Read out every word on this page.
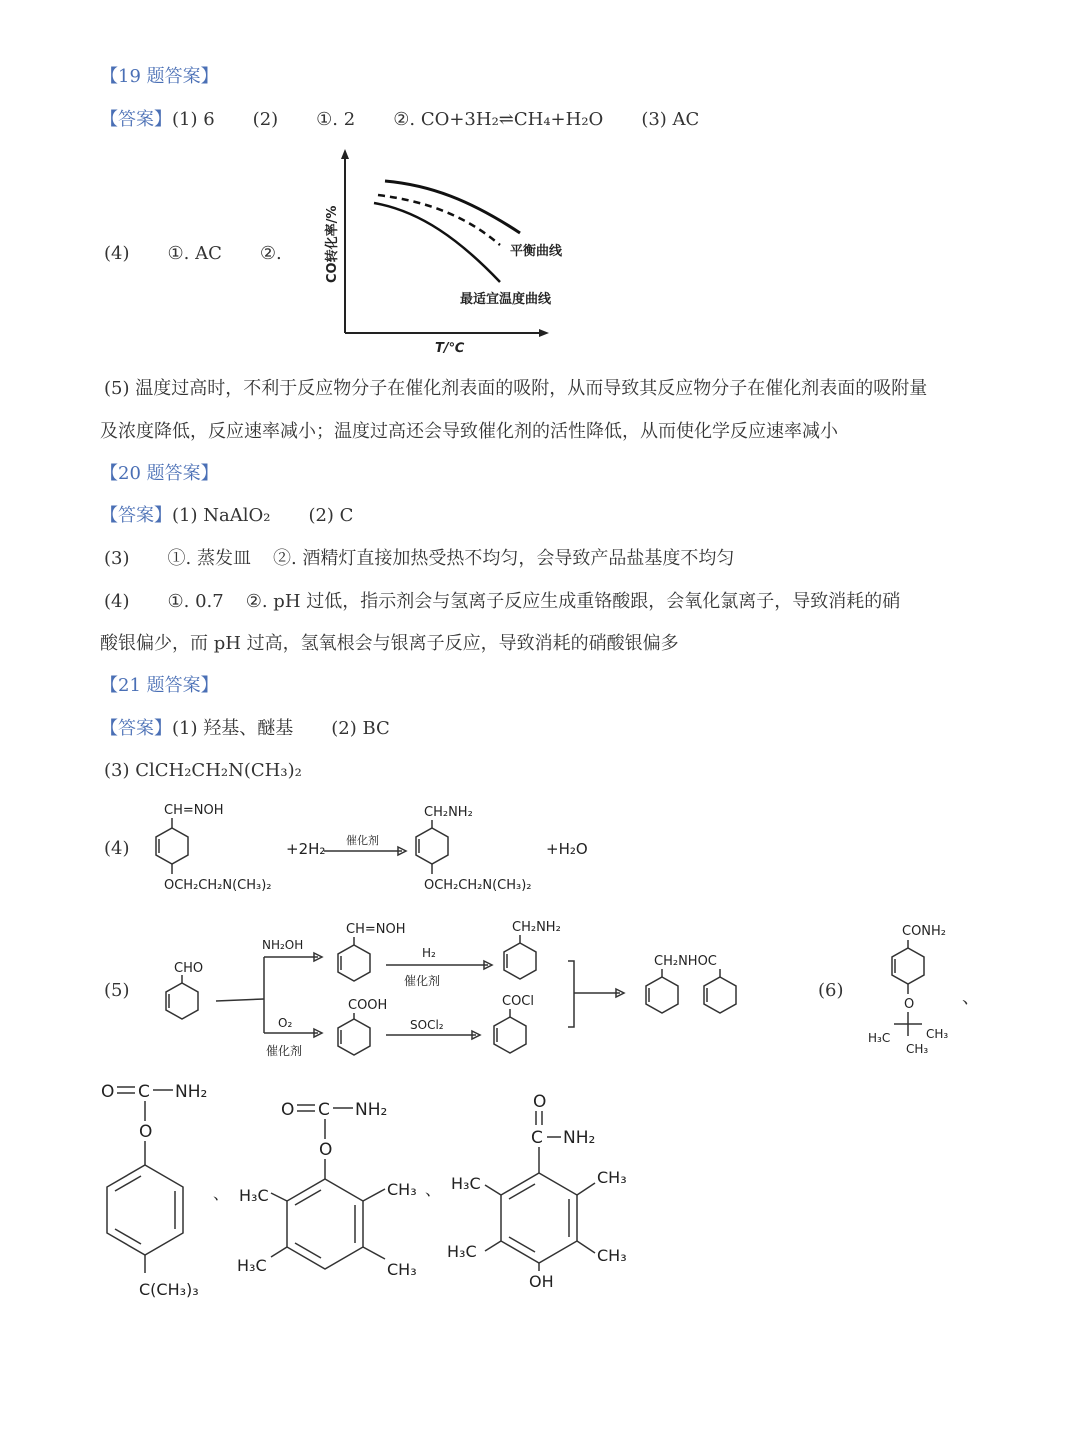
【19 题答案】
【答案】(1) 6 (2) ①. 2 ②. CO+3H₂⇌CH₄+H₂O (3) AC
(4) ①. AC ②.	CO转化率/%
T/℃
平衡曲线
最适宜温度曲线
(5) 温度过高时，不利于反应物分子在催化剂表面的吸附，从而导致其反应物分子在催化剂表面的吸附量
及浓度降低，反应速率减小；温度过高还会导致催化剂的活性降低，从而使化学反应速率减小
【20 题答案】
【答案】(1) NaAlO₂ (2) C
(3) ①. 蒸发皿 ②. 酒精灯直接加热受热不均匀，会导致产品盐基度不均匀
(4) ①. 0.7 ②. pH 过低，指示剂会与氢离子反应生成重铬酸跟，会氧化氯离子，导致消耗的硝
酸银偏少，而 pH 过高，氢氧根会与银离子反应，导致消耗的硝酸银偏多
【21 题答案】
【答案】(1) 羟基、醚基 (2) BC
(3) ClCH₂CH₂N(CH₃)₂
(4)
CH=NOH
OCH₂CH₂N(CH₃)₂
+2H₂ 催化剂
CH₂NH₂
OCH₂CH₂N(CH₃)₂
+H₂O
(5)
CHO
NH₂OH
O₂
催化剂
CH=NOH
H₂
催化剂
CH₂NH₂
COOH
SOCl₂
COCl
CH₂NHOC
(6)
CONH₂
O
H₃C	CH₃
CH₃
、
O C NH₂
O
C(CH₃)₃
、
O C NH₂
O
H₃C	CH₃
H₃C	CH₃
、
O
C NH₂
H₃C	CH₃
H₃C	CH₃
OH
